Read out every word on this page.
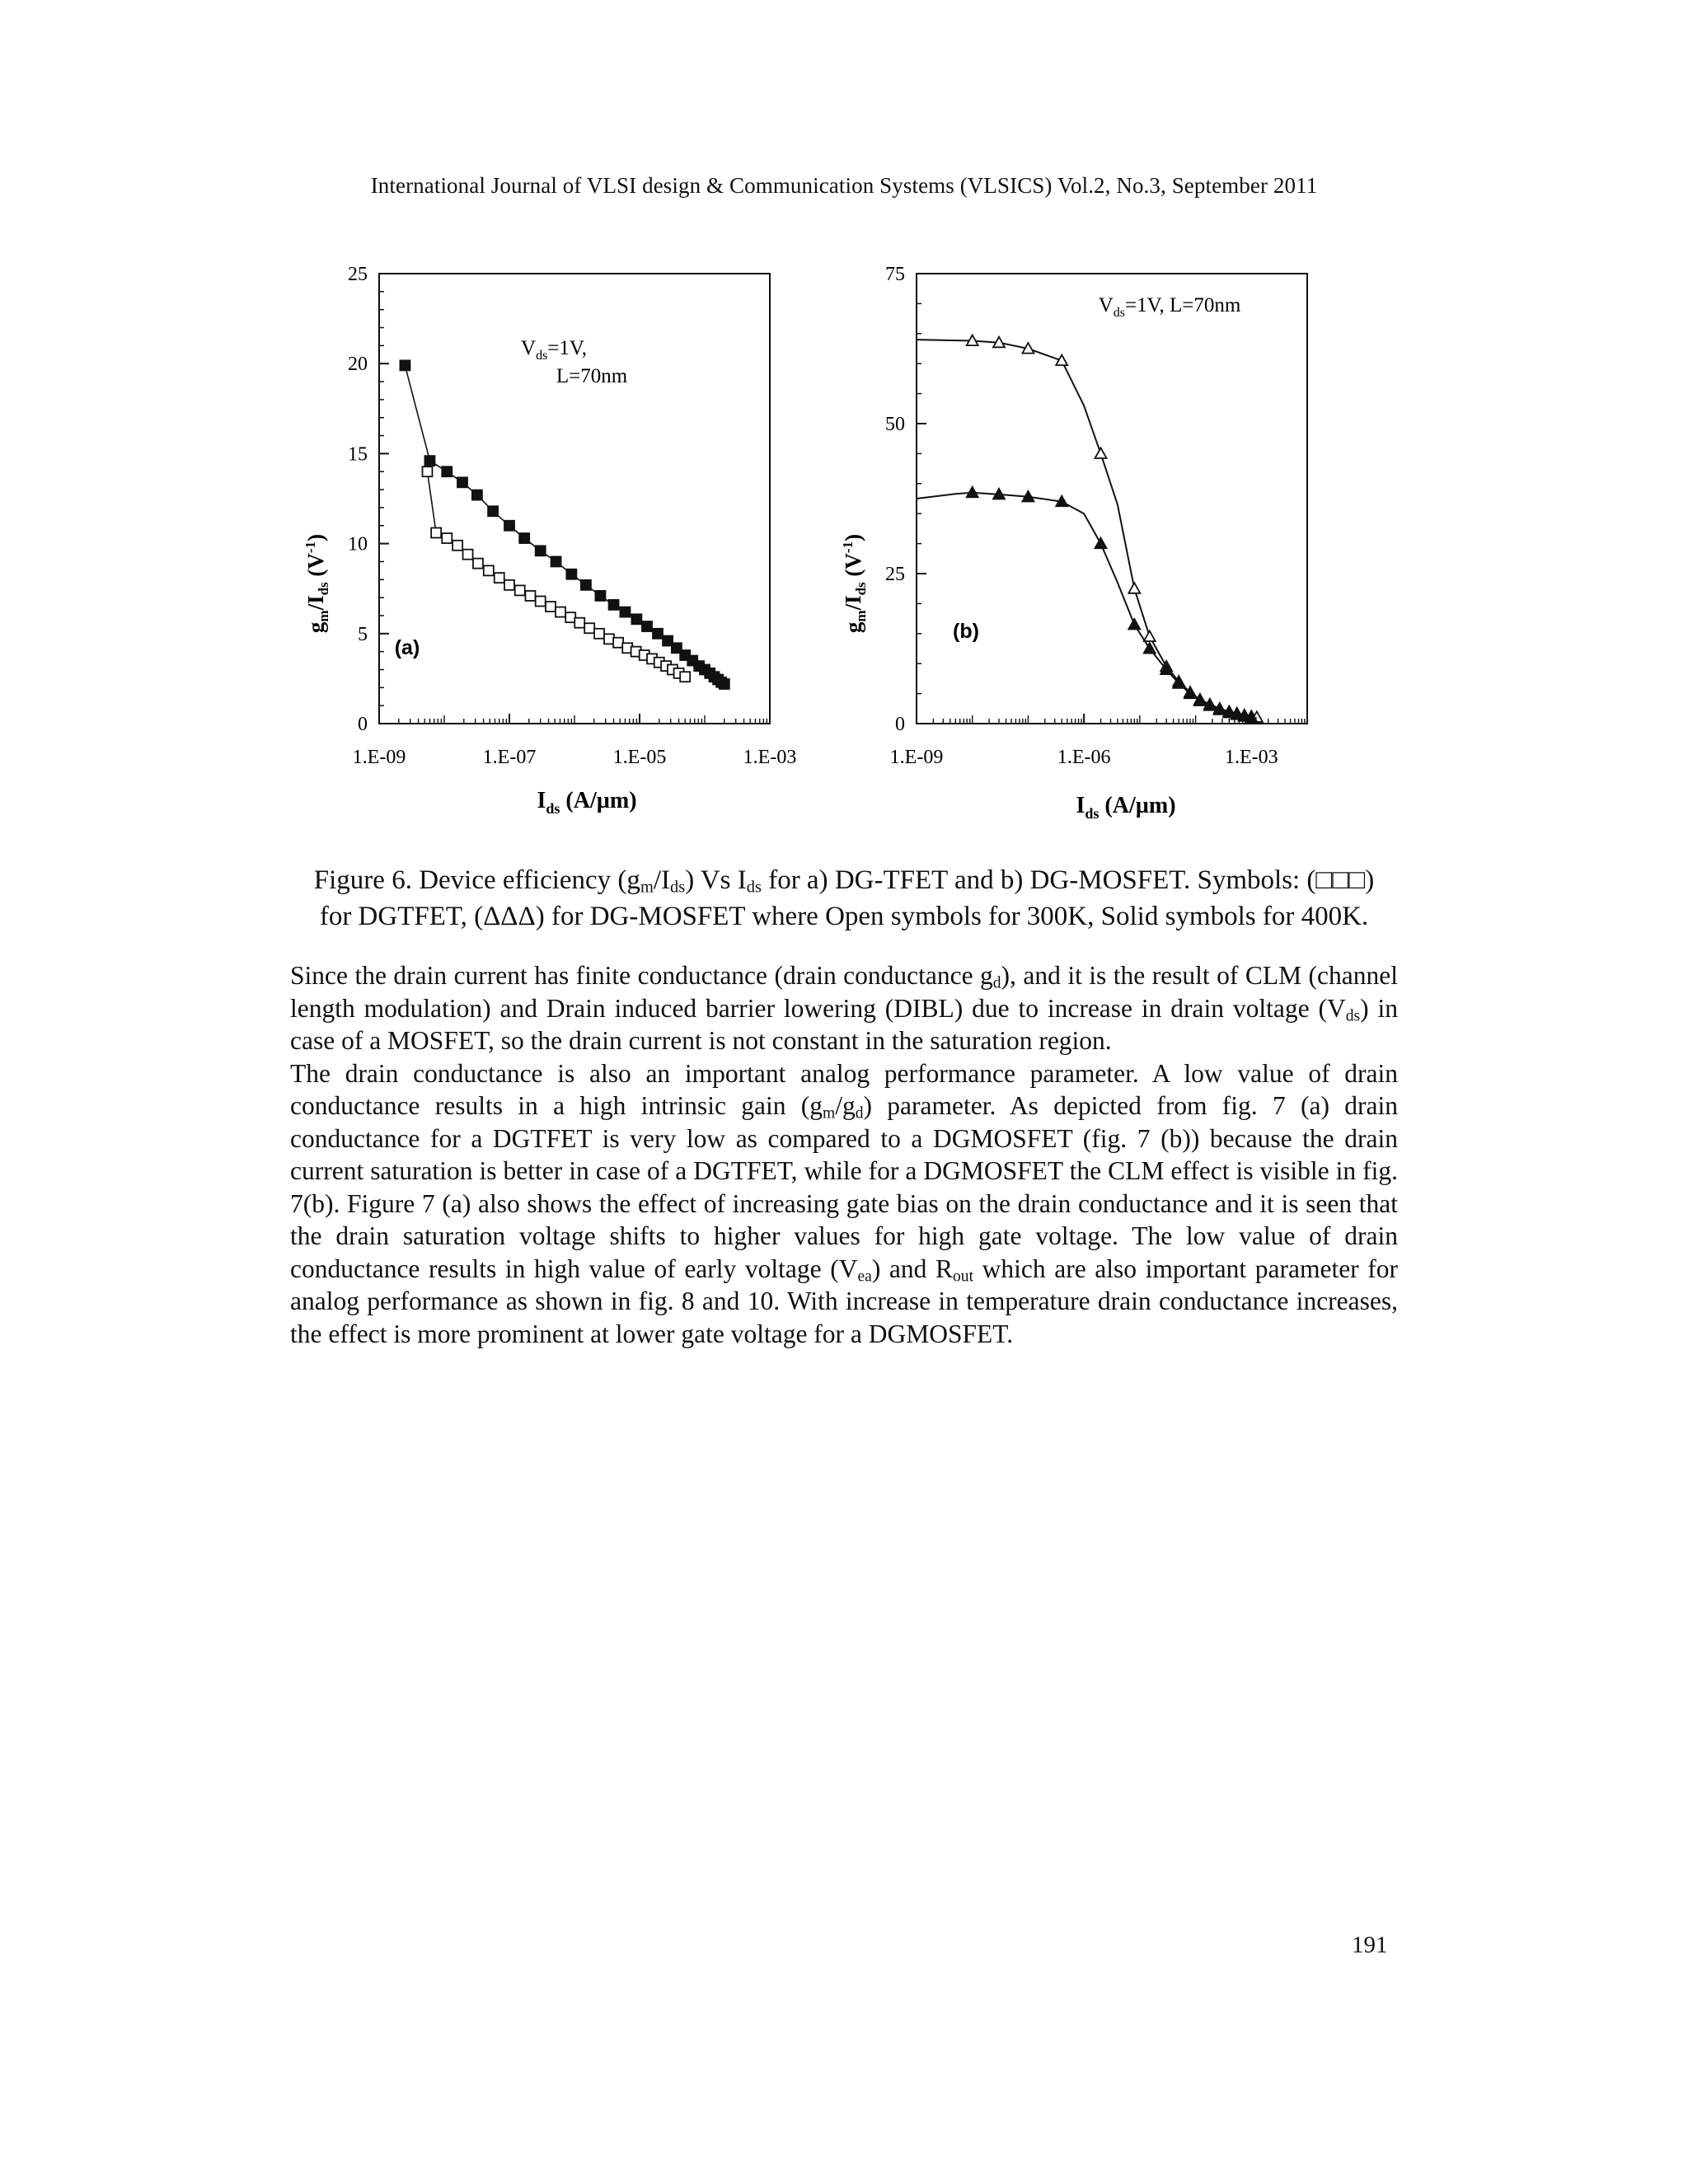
International Journal of VLSI design & Communication Systems (VLSICS) Vol.2, No.3, September 2011
0
5
10
15
20
25
1.E-09	1.E-07	1.E-05	1.E-03
$V_{ds}=1V$,
L=70nm
(a)
$g_m/I_{ds}$ $(V^{-1})$
$I_{ds}$ (A/µm)
0
25
50
75
1.E-09	1.E-06	1.E-03
$V_{ds}=1V$, L=70nm
(b)
$g_m/I_{ds}$ $(V^{-1})$
$I_{ds}$ (A/µm)

Figure 6. Device efficiency $(g_m/I_{ds})$ Vs $I_{ds}$ for a) DG-TFET and b) DG-MOSFET. Symbols: (□□□)

for DGTFET, (ΔΔΔ) for DG-MOSFET where Open symbols for 300K, Solid symbols for 400K.

Since the drain current has finite conductance (drain conductance $g_d$), and it is the result of CLM (channel length modulation) and Drain induced barrier lowering (DIBL) due to increase in drain voltage $(V_{ds})$ in case of a MOSFET, so the drain current is not constant in the saturation region.
The drain conductance is also an important analog performance parameter. A low value of drain conductance results in a high intrinsic gain $(g_m/g_d)$ parameter. As depicted from fig. 7 (a) drain conductance for a DGTFET is very low as compared to a DGMOSFET (fig. 7 (b)) because the drain current saturation is better in case of a DGTFET, while for a DGMOSFET the CLM effect is visible in fig. 7(b). Figure 7 (a) also shows the effect of increasing gate bias on the drain conductance and it is seen that the drain saturation voltage shifts to higher values for high gate voltage. The low value of drain conductance results in high value of early voltage $(V_{ea})$ and $R_{out}$ which are also important parameter for analog performance as shown in fig. 8 and 10. With increase in temperature drain conductance increases, the effect is more prominent at lower gate voltage for a DGMOSFET.

191
